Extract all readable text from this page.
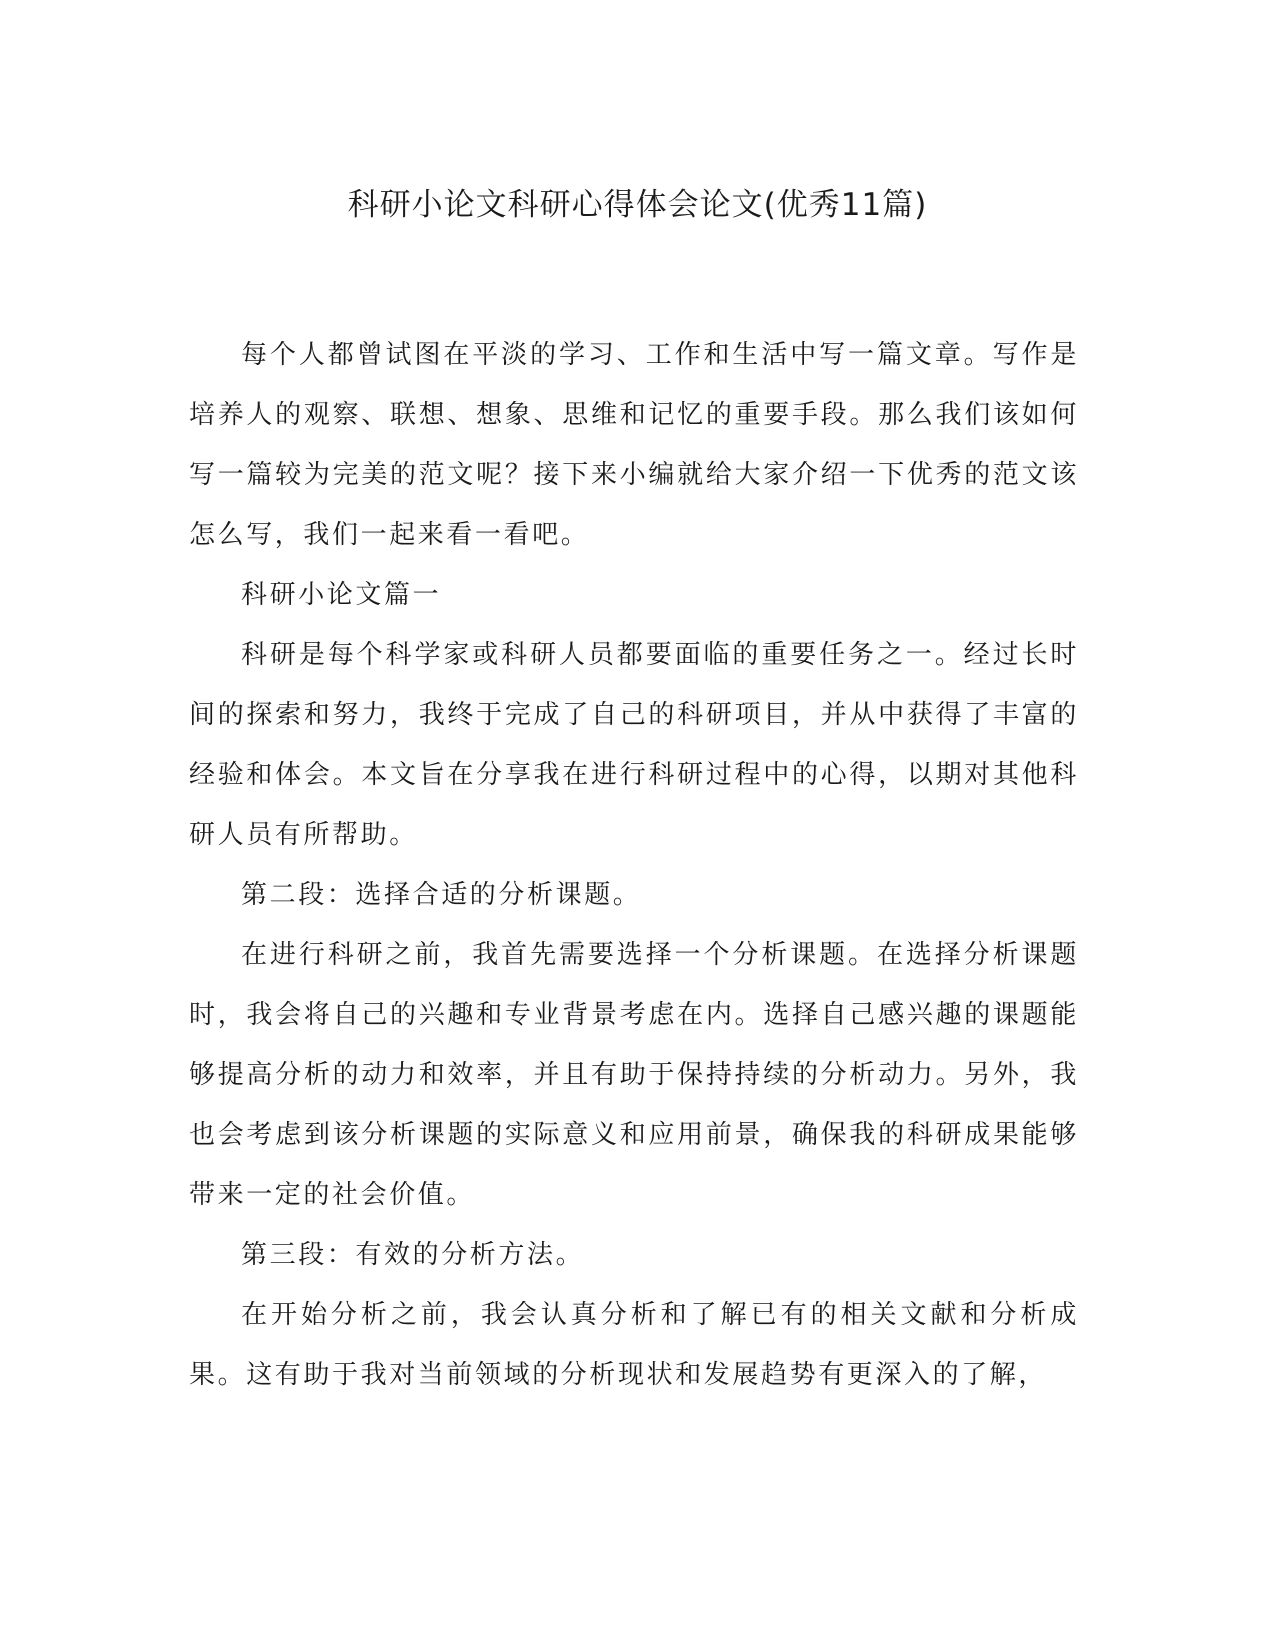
科研小论文科研心得体会论文(优秀11篇)

每个人都曾试图在平淡的学习、工作和生活中写一篇文章。写作是培养人的观察、联想、想象、思维和记忆的重要手段。那么我们该如何写一篇较为完美的范文呢？接下来小编就给大家介绍一下优秀的范文该怎么写，我们一起来看一看吧。

科研小论文篇一

科研是每个科学家或科研人员都要面临的重要任务之一。经过长时间的探索和努力，我终于完成了自己的科研项目，并从中获得了丰富的经验和体会。本文旨在分享我在进行科研过程中的心得，以期对其他科研人员有所帮助。

第二段：选择合适的分析课题。

在进行科研之前，我首先需要选择一个分析课题。在选择分析课题时，我会将自己的兴趣和专业背景考虑在内。选择自己感兴趣的课题能够提高分析的动力和效率，并且有助于保持持续的分析动力。另外，我也会考虑到该分析课题的实际意义和应用前景，确保我的科研成果能够带来一定的社会价值。

第三段：有效的分析方法。

在开始分析之前，我会认真分析和了解已有的相关文献和分析成果。这有助于我对当前领域的分析现状和发展趋势有更深入的了解，
